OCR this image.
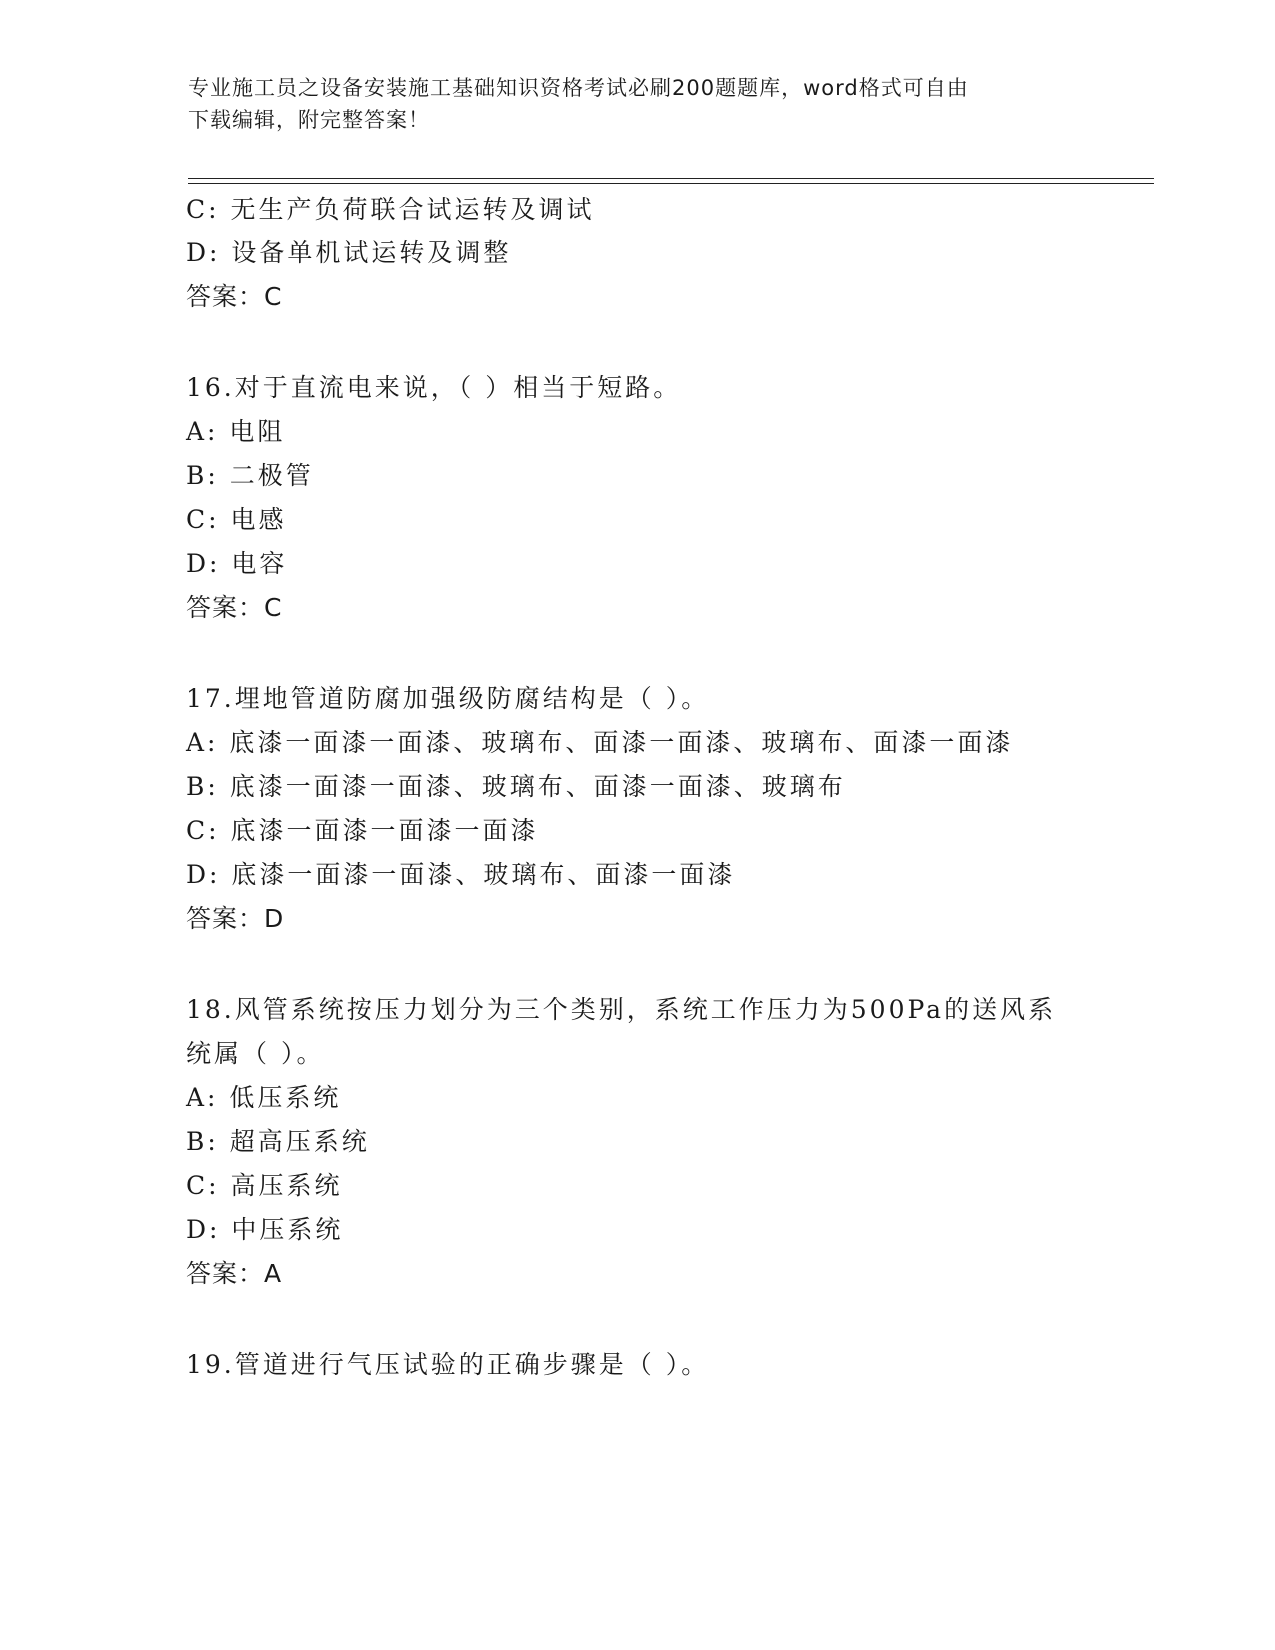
专业施工员之设备安装施工基础知识资格考试必刷200题题库，word格式可自由
下载编辑，附完整答案！
C: 无生产负荷联合试运转及调试
D: 设备单机试运转及调整
答案：C
16.对于直流电来说，（ ）相当于短路。
A: 电阻
B: 二极管
C: 电感
D: 电容
答案：C
17.埋地管道防腐加强级防腐结构是（ ）。
A: 底漆一面漆一面漆、玻璃布、面漆一面漆、玻璃布、面漆一面漆
B: 底漆一面漆一面漆、玻璃布、面漆一面漆、玻璃布
C: 底漆一面漆一面漆一面漆
D: 底漆一面漆一面漆、玻璃布、面漆一面漆
答案：D
18.风管系统按压力划分为三个类别，系统工作压力为500Pa的送风系
统属（ ）。
A: 低压系统
B: 超高压系统
C: 高压系统
D: 中压系统
答案：A
19.管道进行气压试验的正确步骤是（ ）。
